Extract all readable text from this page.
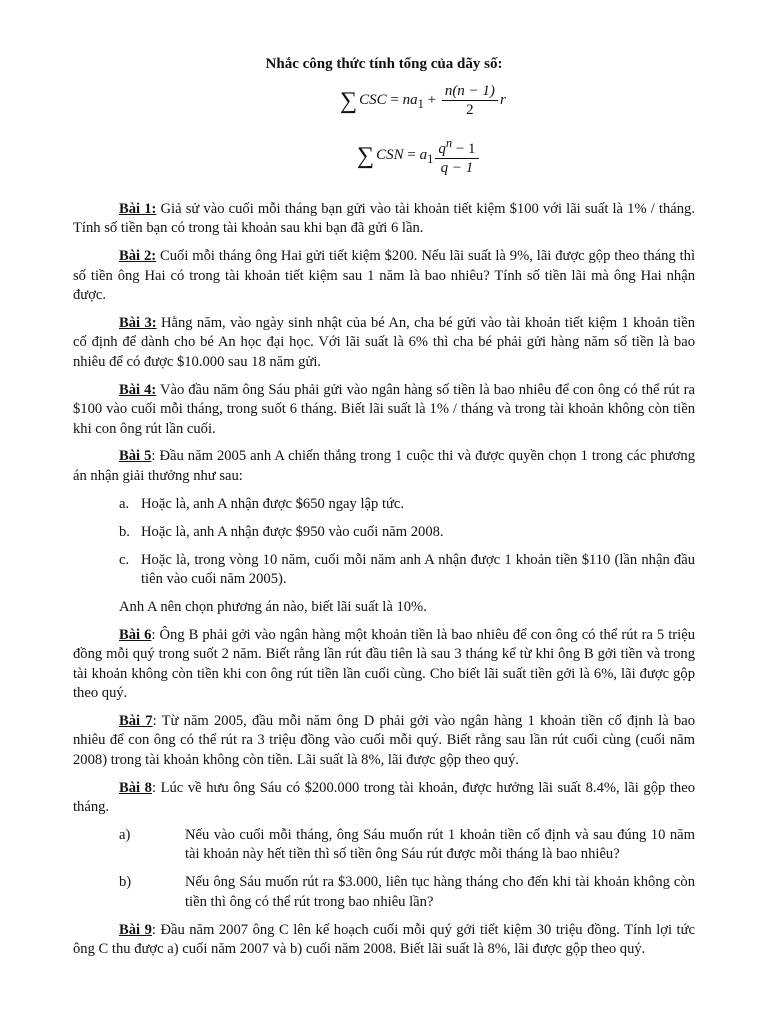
Nhắc công thức tính tổng của dãy số:
∑ CSC = $na_1 + \frac{n(n - 1)}{2}$ r
∑ CSN = $a_1 \frac{q^n - 1}{q - 1}$

Bài 1: Giả sử vào cuối mỗi tháng bạn gửi vào tài khoản tiết kiệm $100 với lãi suất là 1% / tháng. Tính số tiền bạn có trong tài khoản sau khi bạn đã gửi 6 lần.

Bài 2: Cuối mỗi tháng ông Hai gửi tiết kiệm $200. Nếu lãi suất là 9%, lãi được gộp theo tháng thì số tiền ông Hai có trong tài khoản tiết kiệm sau 1 năm là bao nhiêu? Tính số tiền lãi mà ông Hai nhận được.

Bài 3: Hằng năm, vào ngày sinh nhật của bé An, cha bé gửi vào tài khoản tiết kiệm 1 khoản tiền cố định để dành cho bé An học đại học. Với lãi suất là 6% thì cha bé phải gửi hàng năm số tiền là bao nhiêu để có được $10.000 sau 18 năm gửi.

Bài 4: Vào đầu năm ông Sáu phải gửi vào ngân hàng số tiền là bao nhiêu để con ông có thể rút ra $100 vào cuối mỗi tháng, trong suốt 6 tháng. Biết lãi suất là 1% / tháng và trong tài khoản không còn tiền khi con ông rút lần cuối.

Bài 5: Đầu năm 2005 anh A chiến thắng trong 1 cuộc thi và được quyền chọn 1 trong các phương án nhận giải thưởng như sau:

a. Hoặc là, anh A nhận được $650 ngay lập tức.
b. Hoặc là, anh A nhận được $950 vào cuối năm 2008.
c. Hoặc là, trong vòng 10 năm, cuối mỗi năm anh A nhận được 1 khoản tiền $110 (lần nhận đầu tiên vào cuối năm 2005).

Anh A nên chọn phương án nào, biết lãi suất là 10%.

Bài 6: Ông B phải gởi vào ngân hàng một khoản tiền là bao nhiêu để con ông có thể rút ra 5 triệu đồng mỗi quý trong suốt 2 năm. Biết rằng lần rút đầu tiên là sau 3 tháng kể từ khi ông B gởi tiền và trong tài khoản không còn tiền khi con ông rút tiền lần cuối cùng. Cho biết lãi suất tiền gởi là 6%, lãi được gộp theo quý.

Bài 7: Từ năm 2005, đầu mỗi năm ông D phải gởi vào ngân hàng 1 khoản tiền cố định là bao nhiêu để con ông có thể rút ra 3 triệu đồng vào cuối mỗi quý. Biết rằng sau lần rút cuối cùng (cuối năm 2008) trong tài khoản không còn tiền. Lãi suất là 8%, lãi được gộp theo quý.

Bài 8: Lúc về hưu ông Sáu có $200.000 trong tài khoản, được hưởng lãi suất 8.4%, lãi gộp theo tháng.

a)	Nếu vào cuối mỗi tháng, ông Sáu muốn rút 1 khoản tiền cố định và sau đúng 10 năm tài khoản này hết tiền thì số tiền ông Sáu rút được mỗi tháng là bao nhiêu?
b)	Nếu ông Sáu muốn rút ra $3.000, liên tục hàng tháng cho đến khi tài khoản không còn tiền thì ông có thể rút trong bao nhiêu lần?

Bài 9: Đầu năm 2007 ông C lên kế hoạch cuối mỗi quý gởi tiết kiệm 30 triệu đồng. Tính lợi tức ông C thu được a) cuối năm 2007 và b) cuối năm 2008. Biết lãi suất là 8%, lãi được gộp theo quý.
